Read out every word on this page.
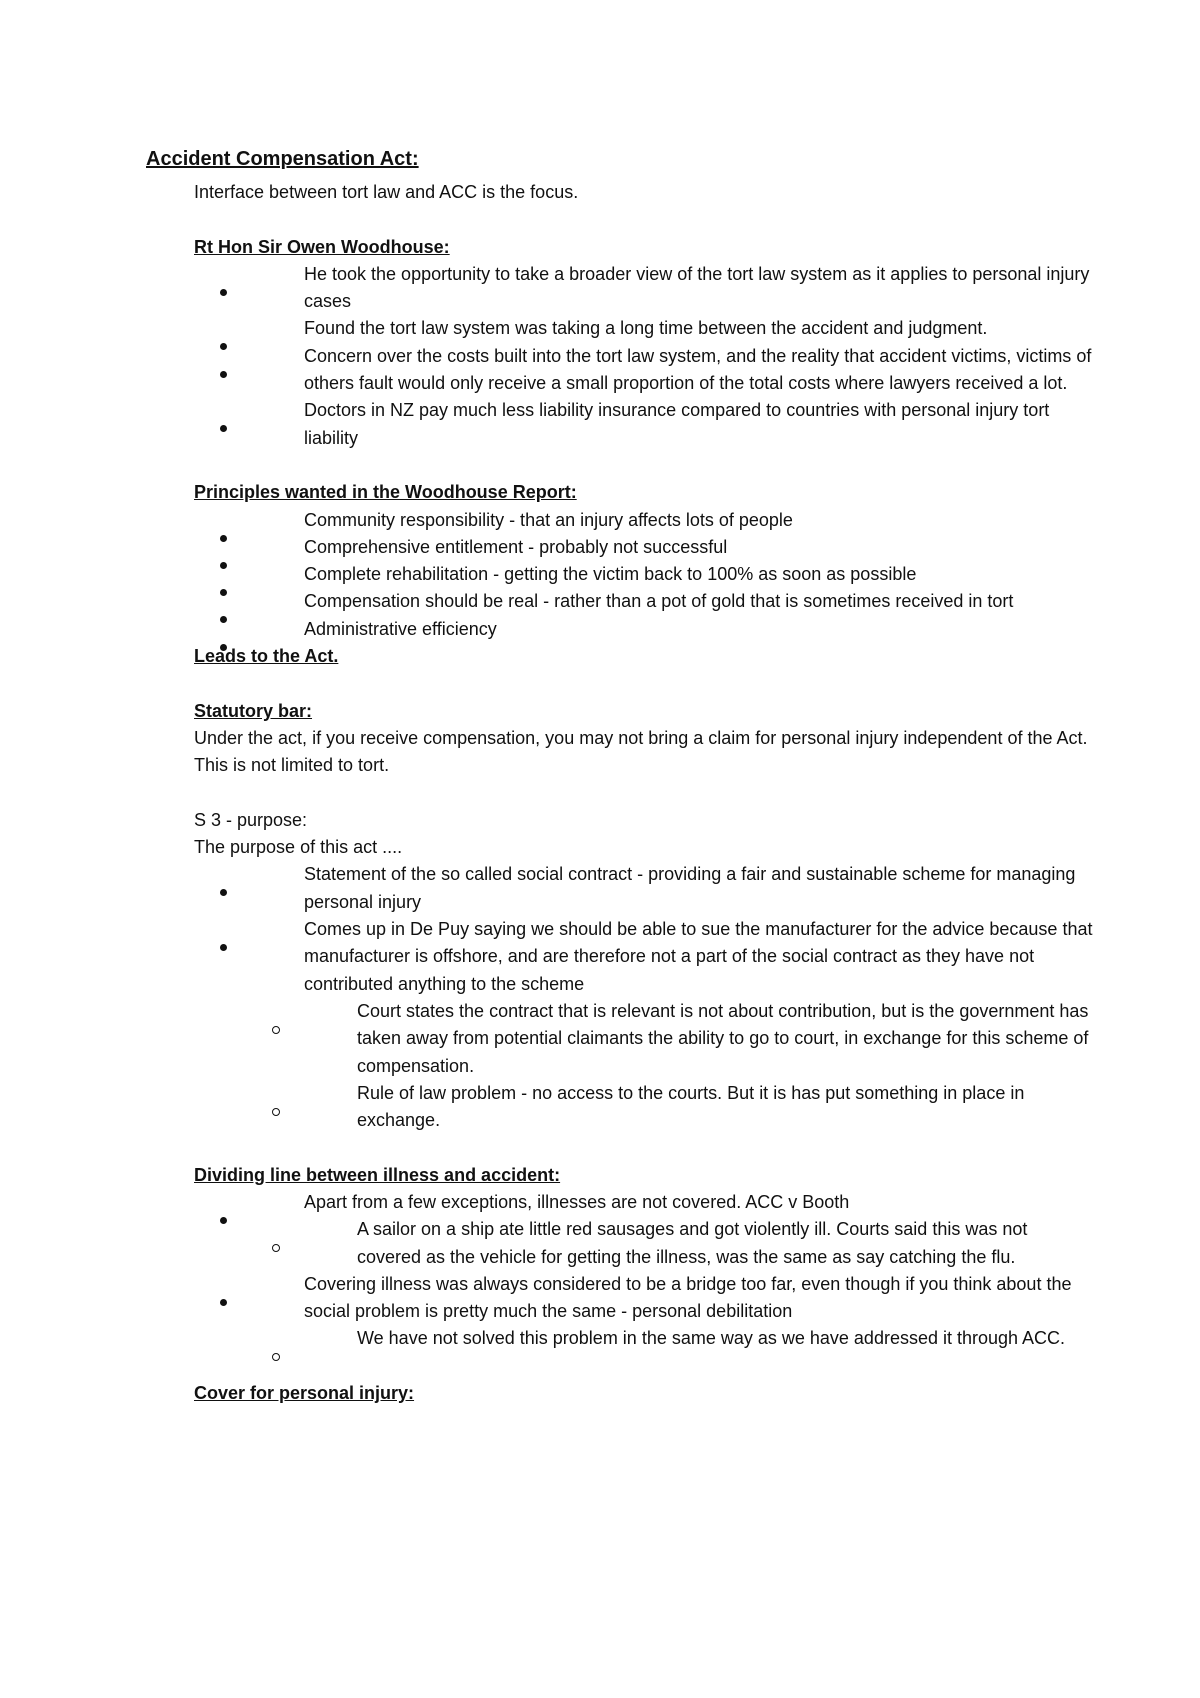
Accident Compensation Act:

Interface between tort law and ACC is the focus.

Rt Hon Sir Owen Woodhouse:

He took the opportunity to take a broader view of the tort law system as it applies to personal injury cases
Found the tort law system was taking a long time between the accident and judgment.
Concern over the costs built into the tort law system, and the reality that accident victims, victims of others fault would only receive a small proportion of the total costs where lawyers received a lot.
Doctors in NZ pay much less liability insurance compared to countries with personal injury tort liability

Principles wanted in the Woodhouse Report:

Community responsibility - that an injury affects lots of people
Comprehensive entitlement - probably not successful
Complete rehabilitation - getting the victim back to 100% as soon as possible
Compensation should be real - rather than a pot of gold that is sometimes received in tort
Administrative efficiency

Leads to the Act.

Statutory bar:

Under the act, if you receive compensation, you may not bring a claim for personal injury independent of the Act. This is not limited to tort.

S 3 - purpose:

The purpose of this act ....

Statement of the so called social contract - providing a fair and sustainable scheme for managing personal injury
Comes up in De Puy saying we should be able to sue the manufacturer for the advice because that manufacturer is offshore, and are therefore not a part of the social contract as they have not contributed anything to the scheme
Court states the contract that is relevant is not about contribution, but is the government has taken away from potential claimants the ability to go to court, in exchange for this scheme of compensation.
Rule of law problem - no access to the courts. But it is has put something in place in exchange.

Dividing line between illness and accident:

Apart from a few exceptions, illnesses are not covered. ACC v Booth
A sailor on a ship ate little red sausages and got violently ill. Courts said this was not covered as the vehicle for getting the illness, was the same as say catching the flu.
Covering illness was always considered to be a bridge too far, even though if you think about the social problem is pretty much the same - personal debilitation
We have not solved this problem in the same way as we have addressed it through ACC.

Cover for personal injury:
